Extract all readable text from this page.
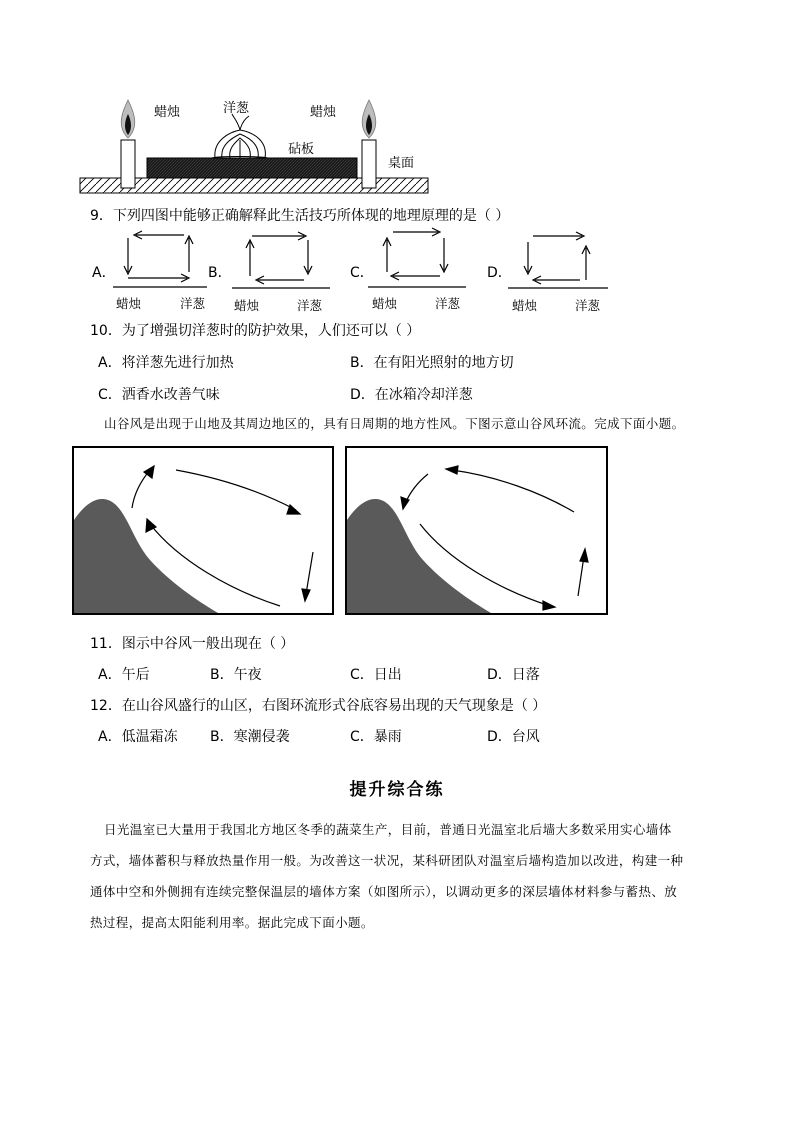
蜡烛	洋葱	蜡烛
砧板
桌面
9．下列四图中能够正确解释此生活技巧所体现的地理原理的是（ ）
A．
蜡烛	洋葱
B．
蜡烛	洋葱
C．
蜡烛	洋葱
D．
蜡烛	洋葱
10．为了增强切洋葱时的防护效果，人们还可以（ ）
A．将洋葱先进行加热	B．在有阳光照射的地方切
C．洒香水改善气味	D．在冰箱冷却洋葱
山谷风是出现于山地及其周边地区的，具有日周期的地方性风。下图示意山谷风环流。完成下面小题。
11．图示中谷风一般出现在（ ）
A．午后	B．午夜	C．日出	D．日落
12．在山谷风盛行的山区，右图环流形式谷底容易出现的天气现象是（ ）
A．低温霜冻 B．寒潮侵袭	C．暴雨	D．台风
提升综合练
日光温室已大量用于我国北方地区冬季的蔬菜生产，目前，普通日光温室北后墙大多数采用实心墙体
方式，墙体蓄积与释放热量作用一般。为改善这一状况，某科研团队对温室后墙构造加以改进，构建一种
通体中空和外侧拥有连续完整保温层的墙体方案（如图所示），以调动更多的深层墙体材料参与蓄热、放
热过程，提高太阳能利用率。据此完成下面小题。
